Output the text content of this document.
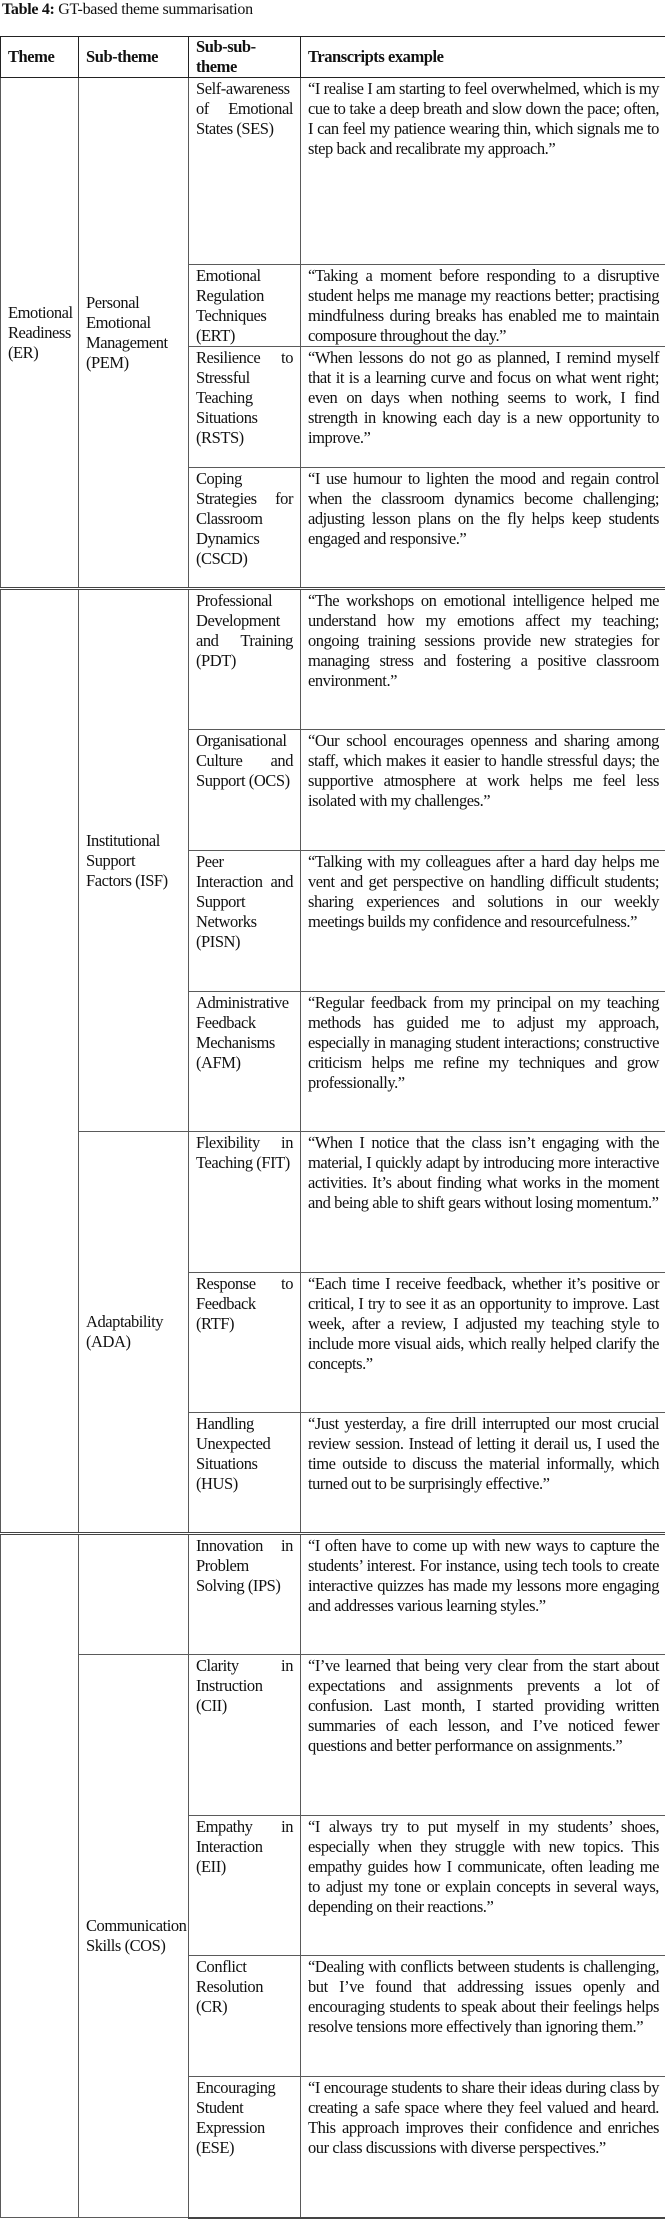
Table 4: GT-based theme summarisation
Theme	Sub-theme	Sub-sub-theme	Transcripts example
Emotional Readiness (ER)	Personal Emotional Management (PEM)	Self-awareness of Emotional States (SES)	“I realise I am starting to feel overwhelmed, which is my cue to take a deep breath and slow down the pace; often, I can feel my patience wearing thin, which signals me to step back and recalibrate my approach.”
		Emotional Regulation Techniques (ERT)	“Taking a moment before responding to a disruptive student helps me manage my reactions better; practising mindfulness during breaks has enabled me to maintain composure throughout the day.”
		Resilience to Stressful Teaching Situations (RSTS)	“When lessons do not go as planned, I remind myself that it is a learning curve and focus on what went right; even on days when nothing seems to work, I find strength in knowing each day is a new opportunity to improve.”
		Coping Strategies for Classroom Dynamics (CSCD)	“I use humour to lighten the mood and regain control when the classroom dynamics become challenging; adjusting lesson plans on the fly helps keep students engaged and responsive.”
	Institutional Support Factors (ISF)	Professional Development and Training (PDT)	“The workshops on emotional intelligence helped me understand how my emotions affect my teaching; ongoing training sessions provide new strategies for managing stress and fostering a positive classroom environment.”
		Organisational Culture and Support (OCS)	“Our school encourages openness and sharing among staff, which makes it easier to handle stressful days; the supportive atmosphere at work helps me feel less isolated with my challenges.”
		Peer Interaction and Support Networks (PISN)	“Talking with my colleagues after a hard day helps me vent and get perspective on handling difficult students; sharing experiences and solutions in our weekly meetings builds my confidence and resourcefulness.”
		Administrative Feedback Mechanisms (AFM)	“Regular feedback from my principal on my teaching methods has guided me to adjust my approach, especially in managing student interactions; constructive criticism helps me refine my techniques and grow professionally.”
	Adaptability (ADA)	Flexibility in Teaching (FIT)	“When I notice that the class isn’t engaging with the material, I quickly adapt by introducing more interactive activities. It’s about finding what works in the moment and being able to shift gears without losing momentum.”
		Response to Feedback (RTF)	“Each time I receive feedback, whether it’s positive or critical, I try to see it as an opportunity to improve. Last week, after a review, I adjusted my teaching style to include more visual aids, which really helped clarify the concepts.”
		Handling Unexpected Situations (HUS)	“Just yesterday, a fire drill interrupted our most crucial review session. Instead of letting it derail us, I used the time outside to discuss the material informally, which turned out to be surprisingly effective.”
		Innovation in Problem Solving (IPS)	“I often have to come up with new ways to capture the students’ interest. For instance, using tech tools to create interactive quizzes has made my lessons more engaging and addresses various learning styles.”
	Communication Skills (COS)	Clarity in Instruction (CII)	“I’ve learned that being very clear from the start about expectations and assignments prevents a lot of confusion. Last month, I started providing written summaries of each lesson, and I’ve noticed fewer questions and better performance on assignments.”
		Empathy in Interaction (EII)	“I always try to put myself in my students’ shoes, especially when they struggle with new topics. This empathy guides how I communicate, often leading me to adjust my tone or explain concepts in several ways, depending on their reactions.”
		Conflict Resolution (CR)	“Dealing with conflicts between students is challenging, but I’ve found that addressing issues openly and encouraging students to speak about their feelings helps resolve tensions more effectively than ignoring them.”
		Encouraging Student Expression (ESE)	“I encourage students to share their ideas during class by creating a safe space where they feel valued and heard. This approach improves their confidence and enriches our class discussions with diverse perspectives.”
